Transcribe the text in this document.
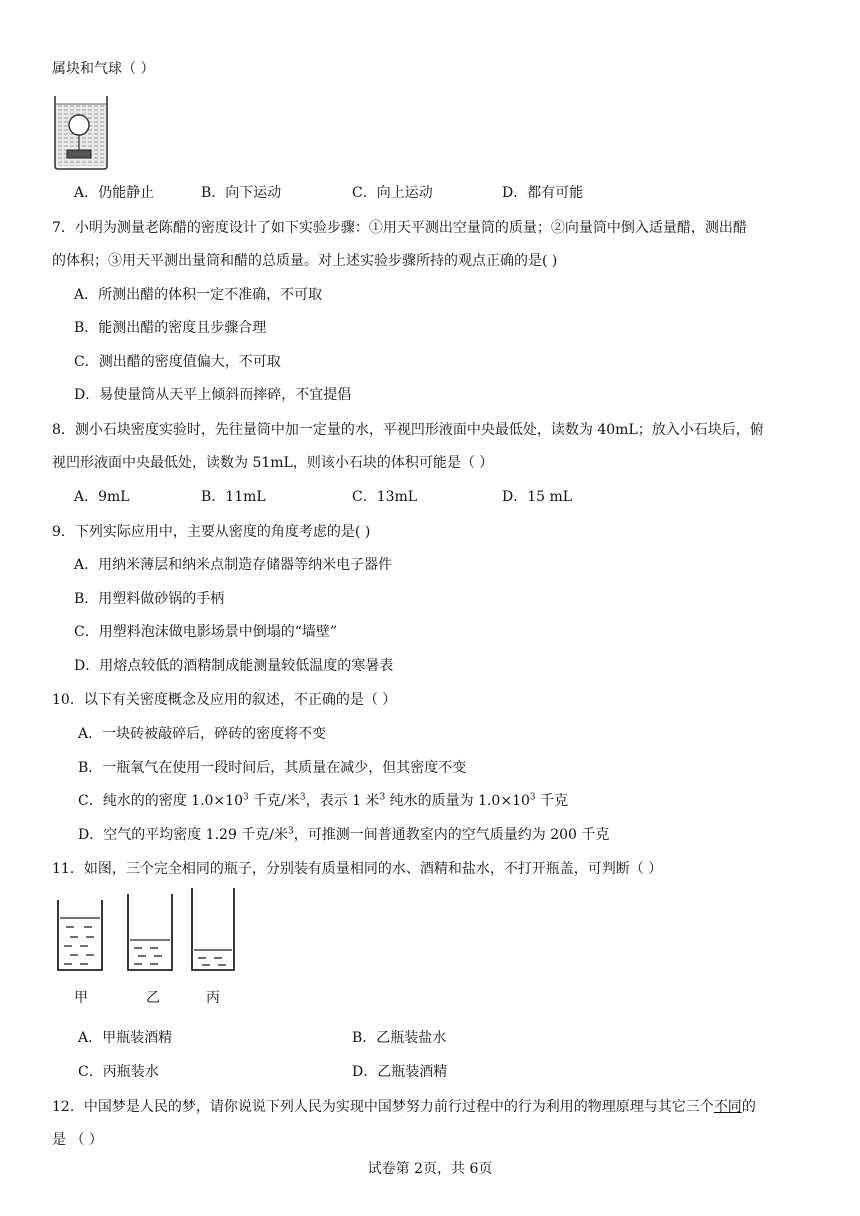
属块和气球（ ）
A．仍能静止	B．向下运动	C．向上运动	D．都有可能
7．小明为测量老陈醋的密度设计了如下实验步骤：①用天平测出空量筒的质量；②向量筒中倒入适量醋，测出醋
的体积；③用天平测出量筒和醋的总质量。对上述实验步骤所持的观点正确的是( )
A．所测出醋的体积一定不准确，不可取
B．能测出醋的密度且步骤合理
C．测出醋的密度值偏大，不可取
D．易使量筒从天平上倾斜而摔碎，不宜提倡
8．测小石块密度实验时，先往量筒中加一定量的水，平视凹形液面中央最低处，读数为 40mL；放入小石块后，俯
视凹形液面中央最低处，读数为 51mL，则该小石块的体积可能是（ ）
A．9mL	B．11mL	C．13mL	D．15 mL
9．下列实际应用中，主要从密度的角度考虑的是( )
A．用纳米薄层和纳米点制造存储器等纳米电子器件
B．用塑料做砂锅的手柄
C．用塑料泡沫做电影场景中倒塌的“墙壁”
D．用熔点较低的酒精制成能测量较低温度的寒暑表
10．以下有关密度概念及应用的叙述，不正确的是（ ）
A．一块砖被敲碎后，碎砖的密度将不变
B．一瓶氧气在使用一段时间后，其质量在减少，但其密度不变
C．纯水的的密度 $1.0\times 10^3$ 千克/米$^3$，表示 1 米$^3$ 纯水的质量为 $1.0\times 10^3$ 千克
D．空气的平均密度 1.29 千克/米$^3$，可推测一间普通教室内的空气质量约为 200 千克
11．如图，三个完全相同的瓶子，分别装有质量相同的水、酒精和盐水，不打开瓶盖，可判断（ ）
甲	乙	丙
A．甲瓶装酒精	B．乙瓶装盐水
C．丙瓶装水	D．乙瓶装酒精
12．中国梦是人民的梦，请你说说下列人民为实现中国梦努力前行过程中的行为利用的物理原理与其它三个不同的
是 （ ）
试卷第 2页，共 6页
